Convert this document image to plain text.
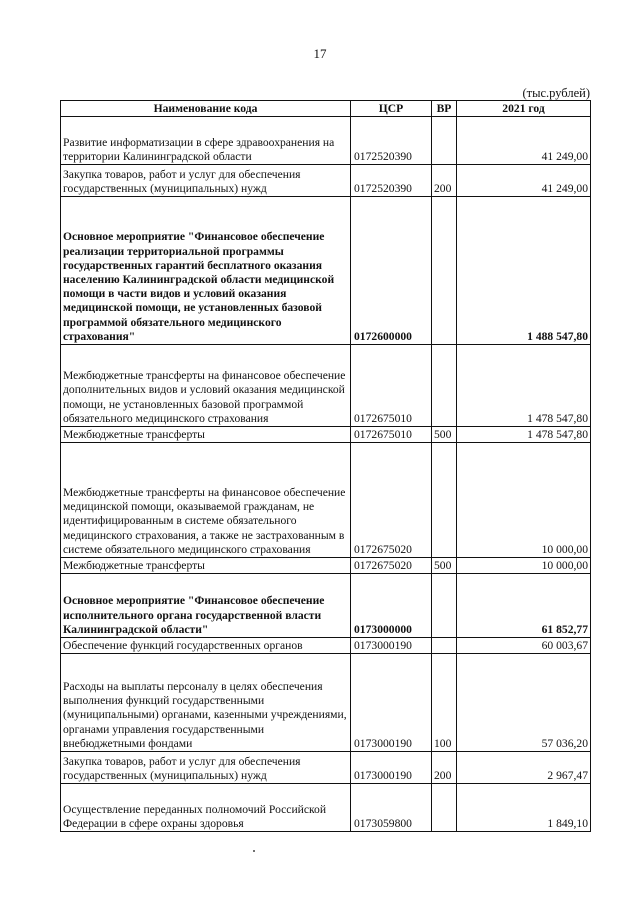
17
(тыс.рублей)
Наименование кода	ЦСР	ВР	2021 год
Развитие информатизации в сфере здравоохранения на территории Калининградской области	0172520390		41 249,00
Закупка товаров, работ и услуг для обеспечения государственных (муниципальных) нужд	0172520390	200	41 249,00
Основное мероприятие "Финансовое обеспечение реализации территориальной программы государственных гарантий бесплатного оказания населению Калининградской области медицинской помощи в части видов и условий оказания медицинской помощи, не установленных базовой программой обязательного медицинского страхования"	0172600000		1 488 547,80
Межбюджетные трансферты на финансовое обеспечение дополнительных видов и условий оказания медицинской помощи, не установленных базовой программой обязательного медицинского страхования	0172675010		1 478 547,80
Межбюджетные трансферты	0172675010	500	1 478 547,80
Межбюджетные трансферты на финансовое обеспечение медицинской помощи, оказываемой гражданам, не идентифицированным в системе обязательного медицинского страхования, а также не застрахованным в системе обязательного медицинского страхования	0172675020		10 000,00
Межбюджетные трансферты	0172675020	500	10 000,00
Основное мероприятие "Финансовое обеспечение исполнительного органа государственной власти Калининградской области"	0173000000		61 852,77
Обеспечение функций государственных органов	0173000190		60 003,67
Расходы на выплаты персоналу в целях обеспечения выполнения функций государственными (муниципальными) органами, казенными учреждениями, органами управления государственными внебюджетными фондами	0173000190	100	57 036,20
Закупка товаров, работ и услуг для обеспечения государственных (муниципальных) нужд	0173000190	200	2 967,47
Осуществление переданных полномочий Российской Федерации в сфере охраны здоровья	0173059800		1 849,10
